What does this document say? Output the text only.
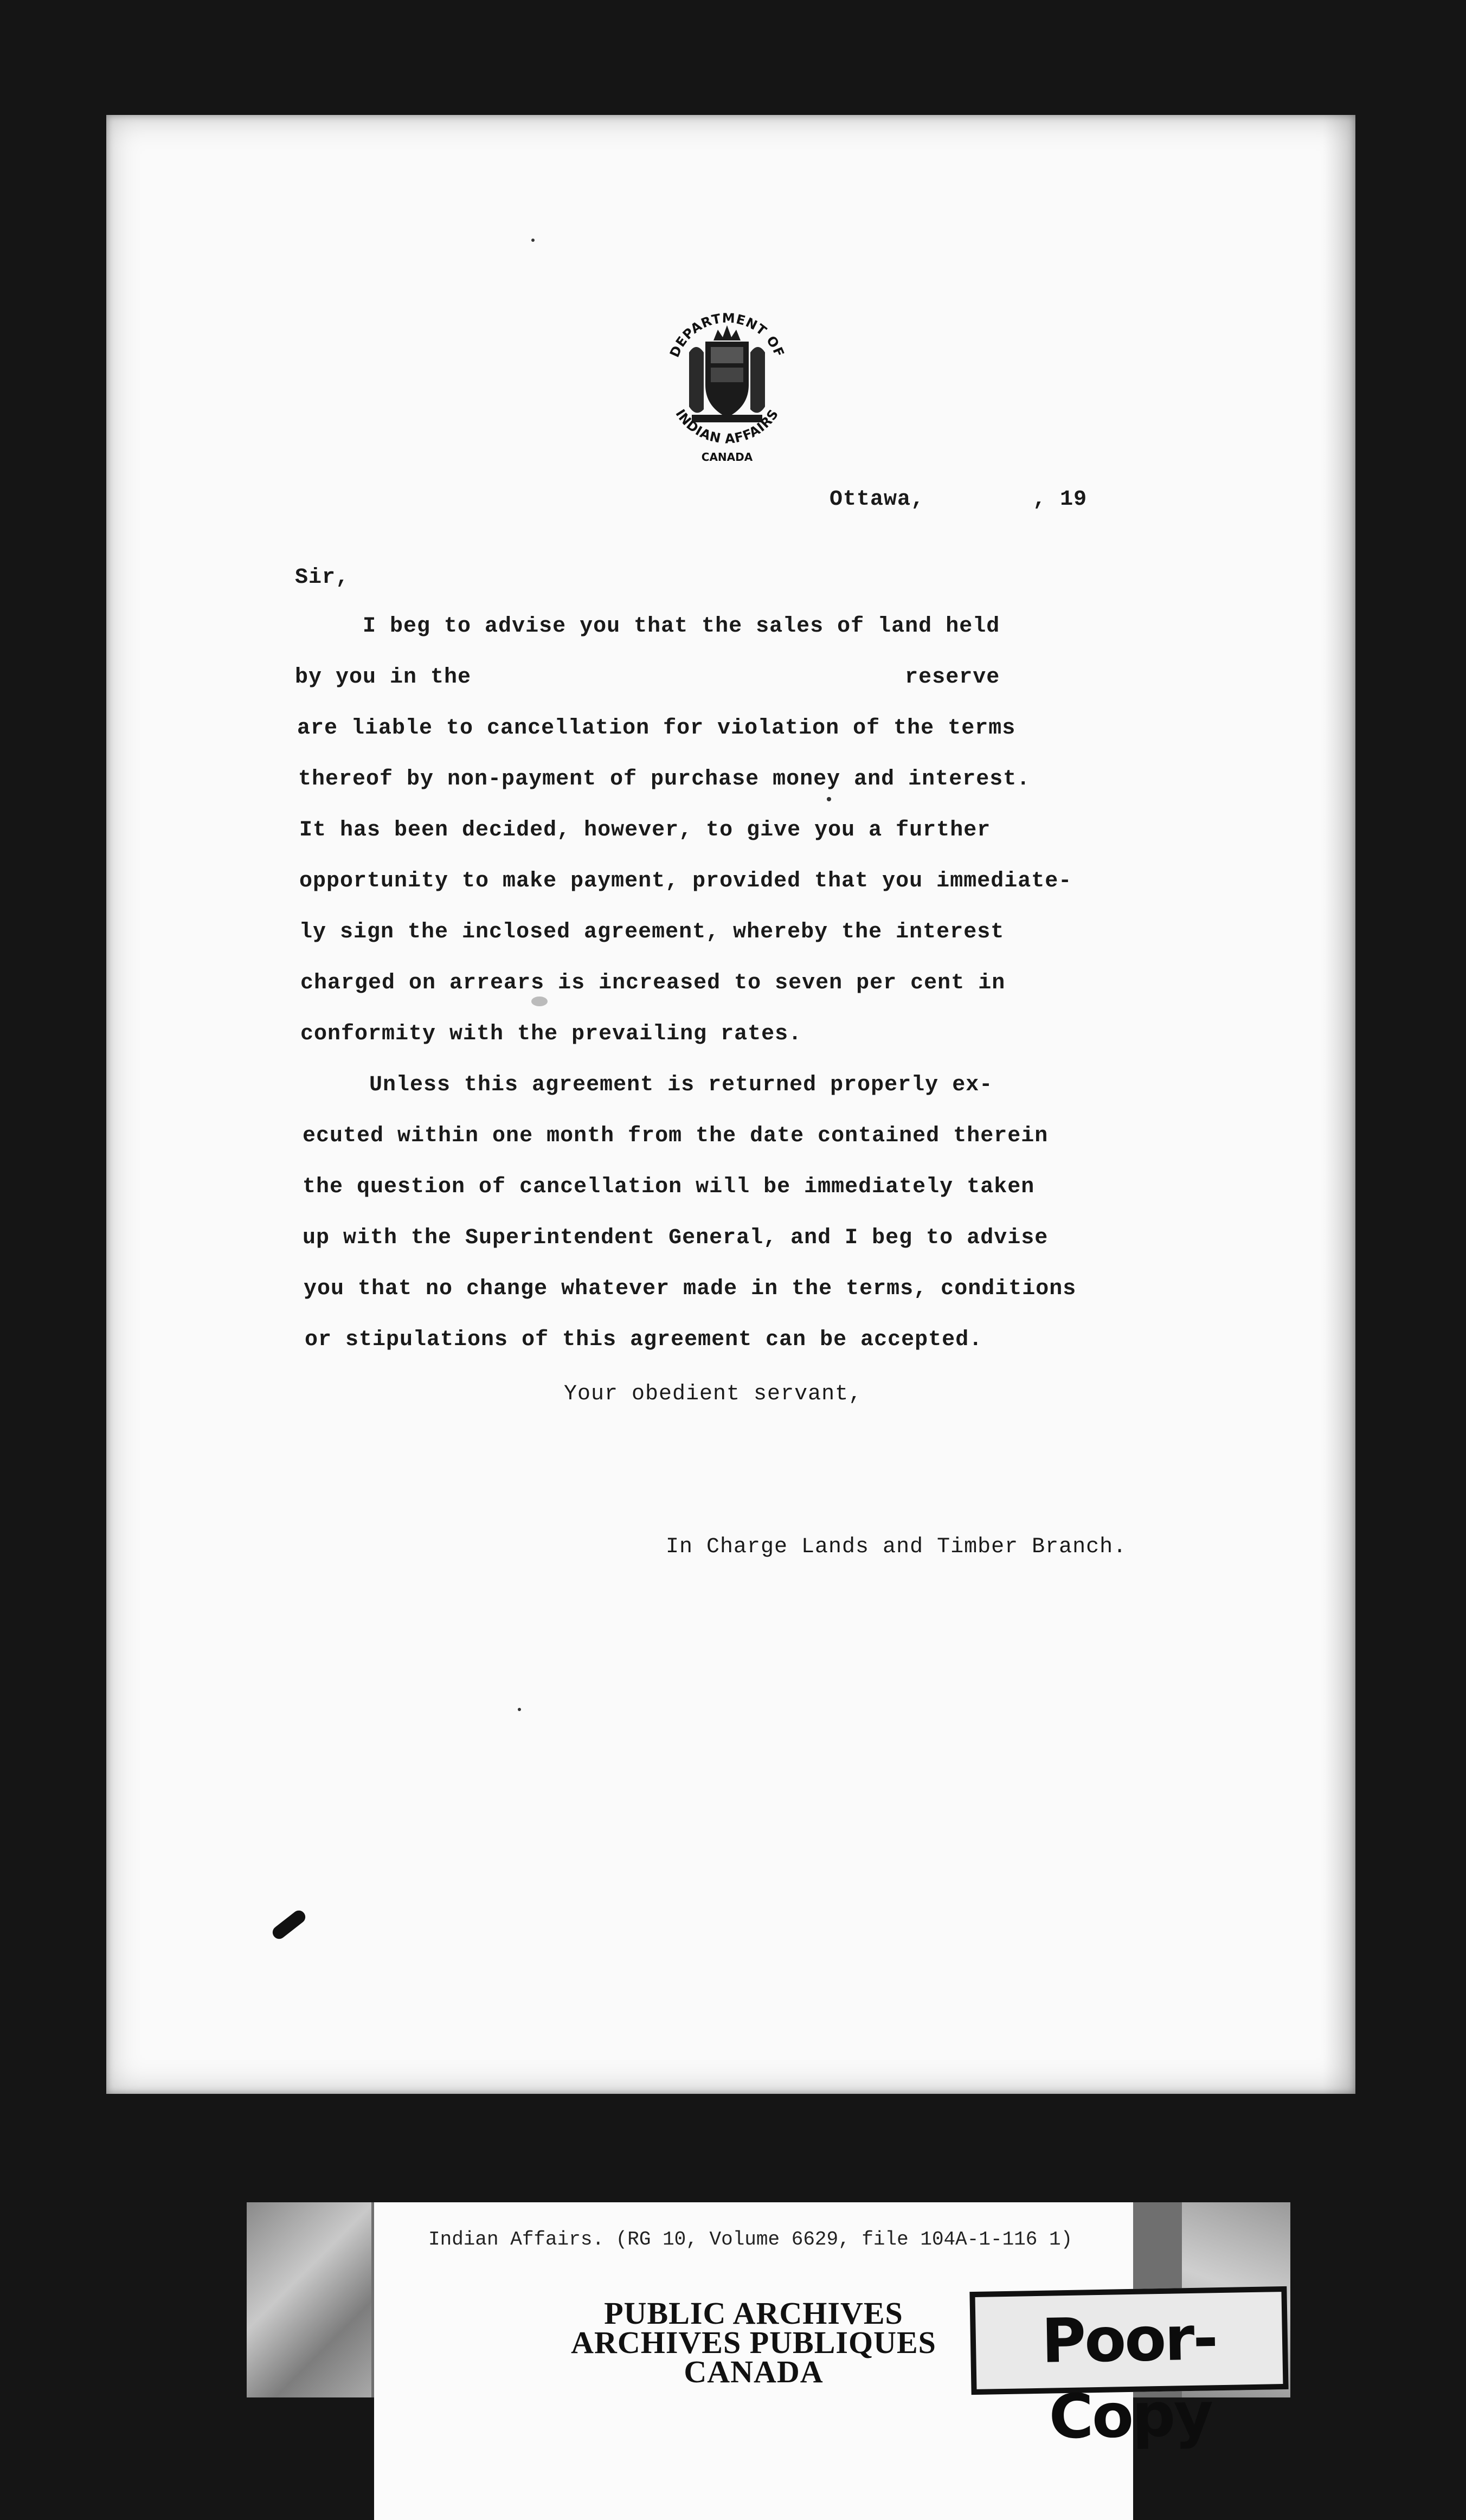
DEPARTMENT OF
INDIAN AFFAIRS
CANADA
Ottawa,        , 19
Sir,
I beg to advise you that the sales of land held
by you in the                                reserve
are liable to cancellation for violation of the terms
thereof by non-payment of purchase money and interest.
It has been decided, however, to give you a further
opportunity to make payment, provided that you immediate-
ly sign the inclosed agreement, whereby the interest
charged on arrears is increased to seven per cent in
conformity with the prevailing rates.
Unless this agreement is returned properly ex-
ecuted within one month from the date contained therein
the question of cancellation will be immediately taken
up with the Superintendent General, and I beg to advise
you that no change whatever made in the terms, conditions
or stipulations of this agreement can be accepted.
Your obedient servant,
In Charge Lands and Timber Branch.
Indian Affairs. (RG 10, Volume 6629, file 104A-1-116 1)
PUBLIC ARCHIVES
ARCHIVES PUBLIQUES
CANADA	Poor-Copy
